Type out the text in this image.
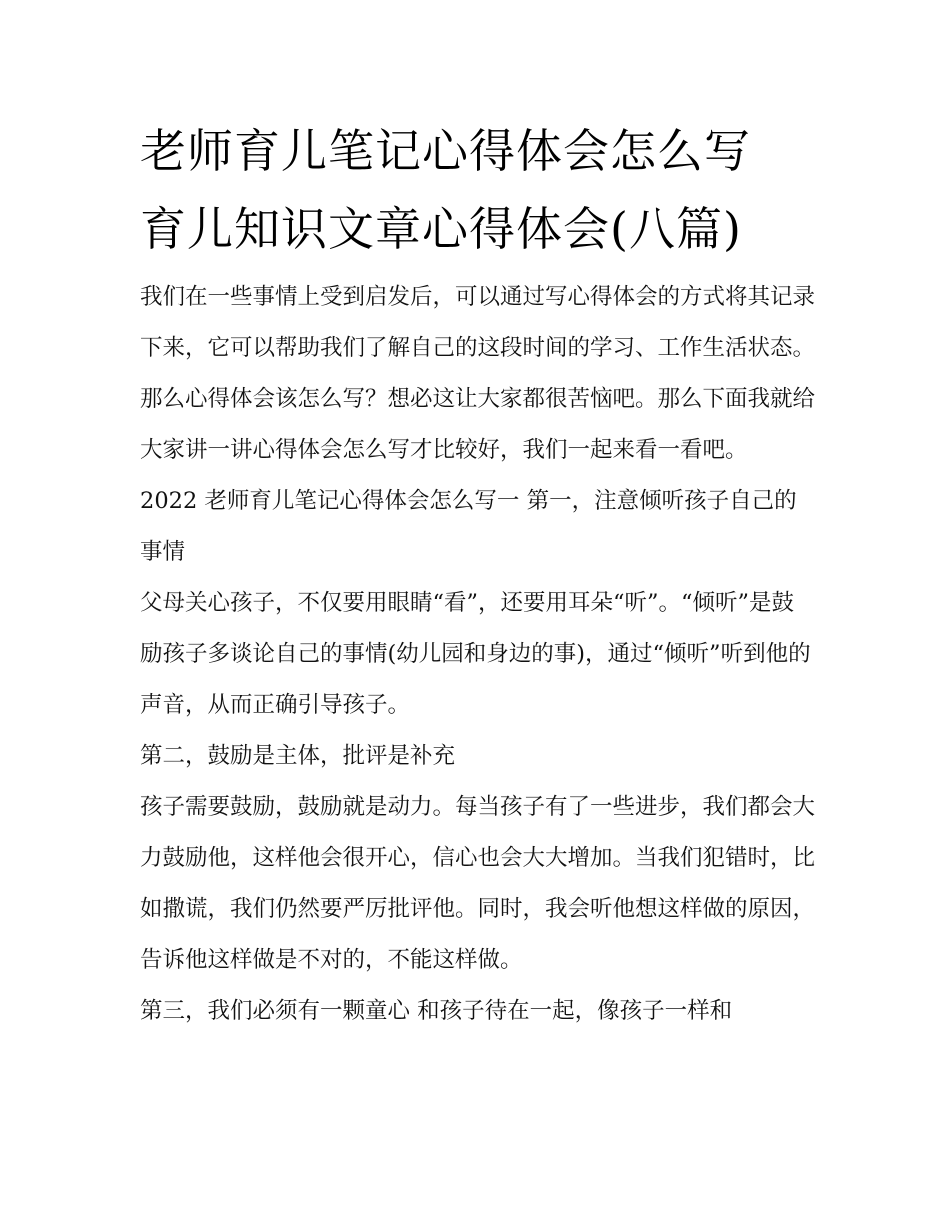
老师育儿笔记心得体会怎么写
育儿知识文章心得体会(八篇)

我们在一些事情上受到启发后，可以通过写心得体会的方式将其记录下来，它可以帮助我们了解自己的这段时间的学习、工作生活状态。那么心得体会该怎么写？想必这让大家都很苦恼吧。那么下面我就给大家讲一讲心得体会怎么写才比较好，我们一起来看一看吧。

2022 老师育儿笔记心得体会怎么写一 第一，注意倾听孩子自己的事情

父母关心孩子，不仅要用眼睛“看”，还要用耳朵“听”。“倾听”是鼓励孩子多谈论自己的事情(幼儿园和身边的事)，通过“倾听”听到他的声音，从而正确引导孩子。

第二，鼓励是主体，批评是补充

孩子需要鼓励，鼓励就是动力。每当孩子有了一些进步，我们都会大力鼓励他，这样他会很开心，信心也会大大增加。当我们犯错时，比如撒谎，我们仍然要严厉批评他。同时，我会听他想这样做的原因，告诉他这样做是不对的，不能这样做。

第三，我们必须有一颗童心 和孩子待在一起，像孩子一样和
